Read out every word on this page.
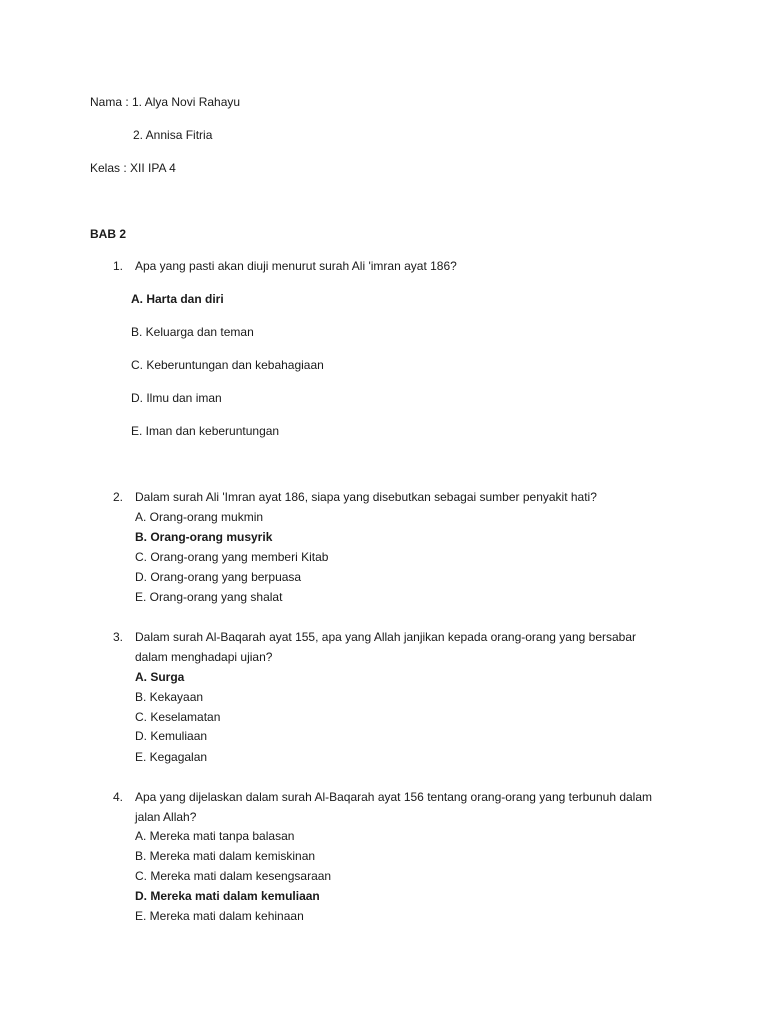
Nama : 1. Alya Novi Rahayu
2. Annisa Fitria
Kelas : XII IPA 4
BAB 2
1. Apa yang pasti akan diuji menurut surah Ali 'imran ayat 186?
A. Harta dan diri
B. Keluarga dan teman
C. Keberuntungan dan kebahagiaan
D. Ilmu dan iman
E. Iman dan keberuntungan
2. Dalam surah Ali 'Imran ayat 186, siapa yang disebutkan sebagai sumber penyakit hati?
A. Orang-orang mukmin
B. Orang-orang musyrik
C. Orang-orang yang memberi Kitab
D. Orang-orang yang berpuasa
E. Orang-orang yang shalat
3. Dalam surah Al-Baqarah ayat 155, apa yang Allah janjikan kepada orang-orang yang bersabar
dalam menghadapi ujian?
A. Surga
B. Kekayaan
C. Keselamatan
D. Kemuliaan
E. Kegagalan
4. Apa yang dijelaskan dalam surah Al-Baqarah ayat 156 tentang orang-orang yang terbunuh dalam
jalan Allah?
A. Mereka mati tanpa balasan
B. Mereka mati dalam kemiskinan
C. Mereka mati dalam kesengsaraan
D. Mereka mati dalam kemuliaan
E. Mereka mati dalam kehinaan
